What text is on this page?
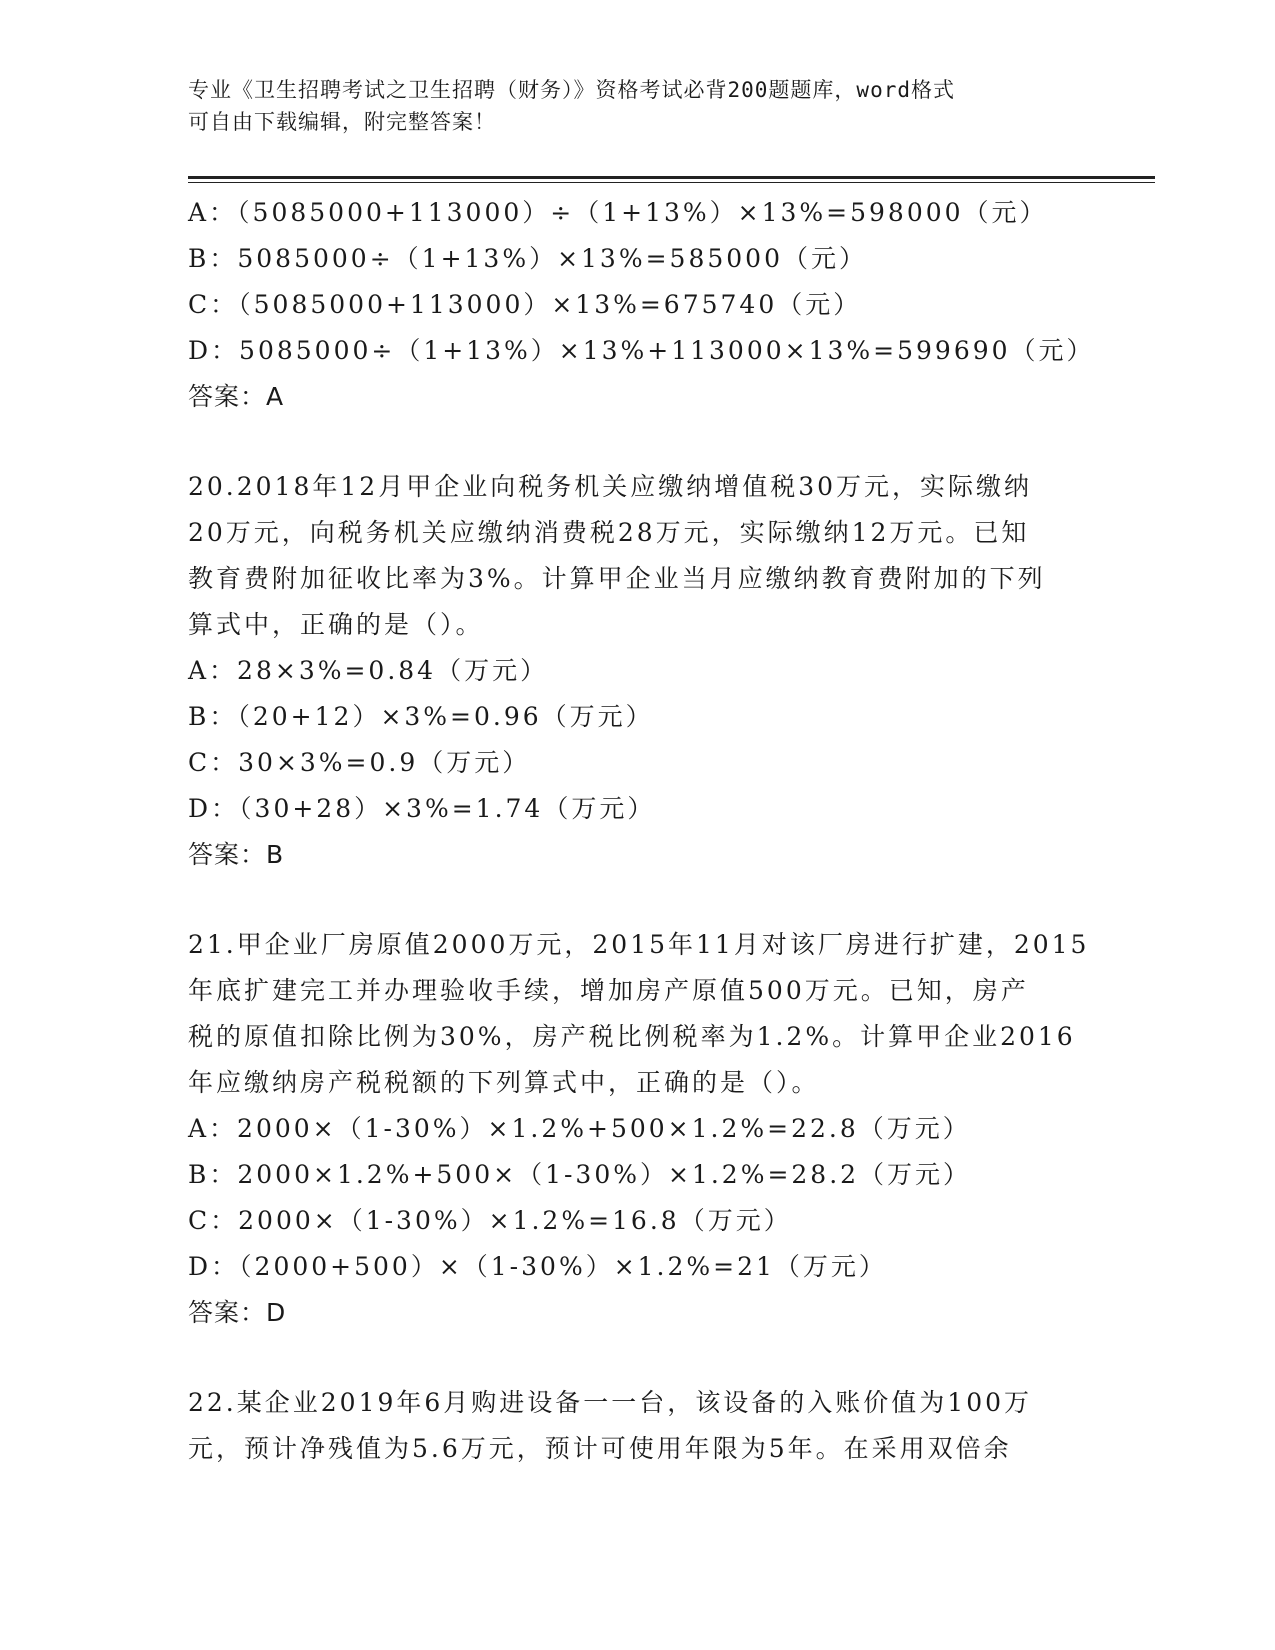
专业《卫生招聘考试之卫生招聘（财务）》资格考试必背200题题库，word格式
可自由下载编辑，附完整答案！
A：（5085000+113000）÷（1+13%）×13%=598000（元）
B：5085000÷（1+13%）×13%=585000（元）
C：（5085000+113000）×13%=675740（元）
D：5085000÷（1+13%）×13%+113000×13%=599690（元）
答案：A
20.2018年12月甲企业向税务机关应缴纳增值税30万元，实际缴纳
20万元，向税务机关应缴纳消费税28万元，实际缴纳12万元。已知
教育费附加征收比率为3%。计算甲企业当月应缴纳教育费附加的下列
算式中，正确的是（）。
A：28×3%=0.84（万元）
B：（20+12）×3%=0.96（万元）
C：30×3%=0.9（万元）
D：（30+28）×3%=1.74（万元）
答案：B
21.甲企业厂房原值2000万元，2015年11月对该厂房进行扩建，2015
年底扩建完工并办理验收手续，增加房产原值500万元。已知，房产
税的原值扣除比例为30%，房产税比例税率为1.2%。计算甲企业2016
年应缴纳房产税税额的下列算式中，正确的是（）。
A：2000×（1-30%）×1.2%+500×1.2%=22.8（万元）
B：2000×1.2%+500×（1-30%）×1.2%=28.2（万元）
C：2000×（1-30%）×1.2%=16.8（万元）
D：（2000+500）×（1-30%）×1.2%=21（万元）
答案：D
22.某企业2019年6月购进设备一一台，该设备的入账价值为100万
元，预计净残值为5.6万元，预计可使用年限为5年。在采用双倍余
